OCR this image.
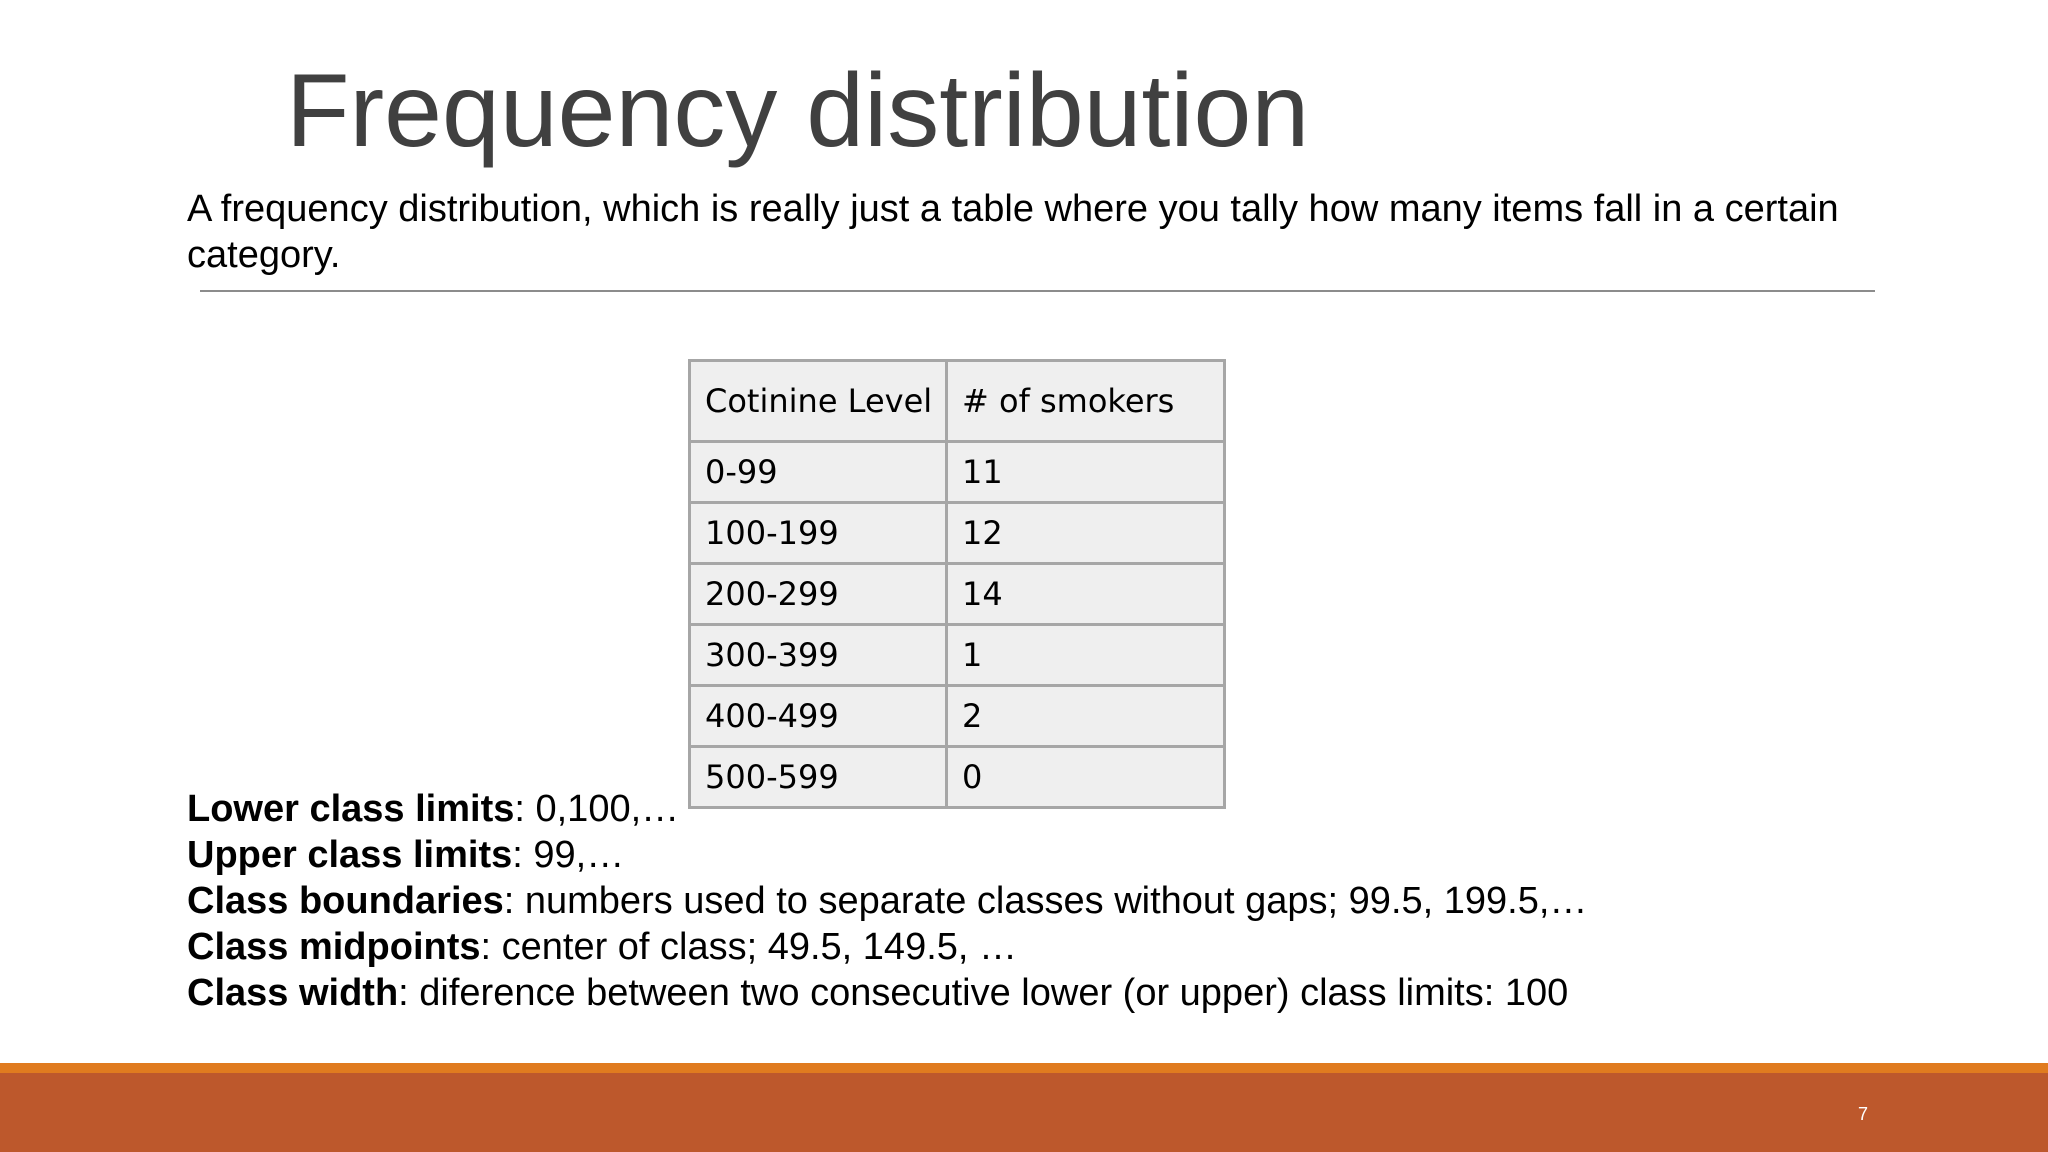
Frequency distribution
A frequency distribution, which is really just a table where you tally how many items fall in a certain category.
Cotinine Level	# of smokers
0-99	11
100-199	12
200-299	14
300-399	1
400-499	2
500-599	0
Lower class limits: 0,100,…
Upper class limits: 99,…
Class boundaries: numbers used to separate classes without gaps; 99.5, 199.5,…
Class midpoints: center of class; 49.5, 149.5, …
Class width: diference between two consecutive lower (or upper) class limits: 100
7
